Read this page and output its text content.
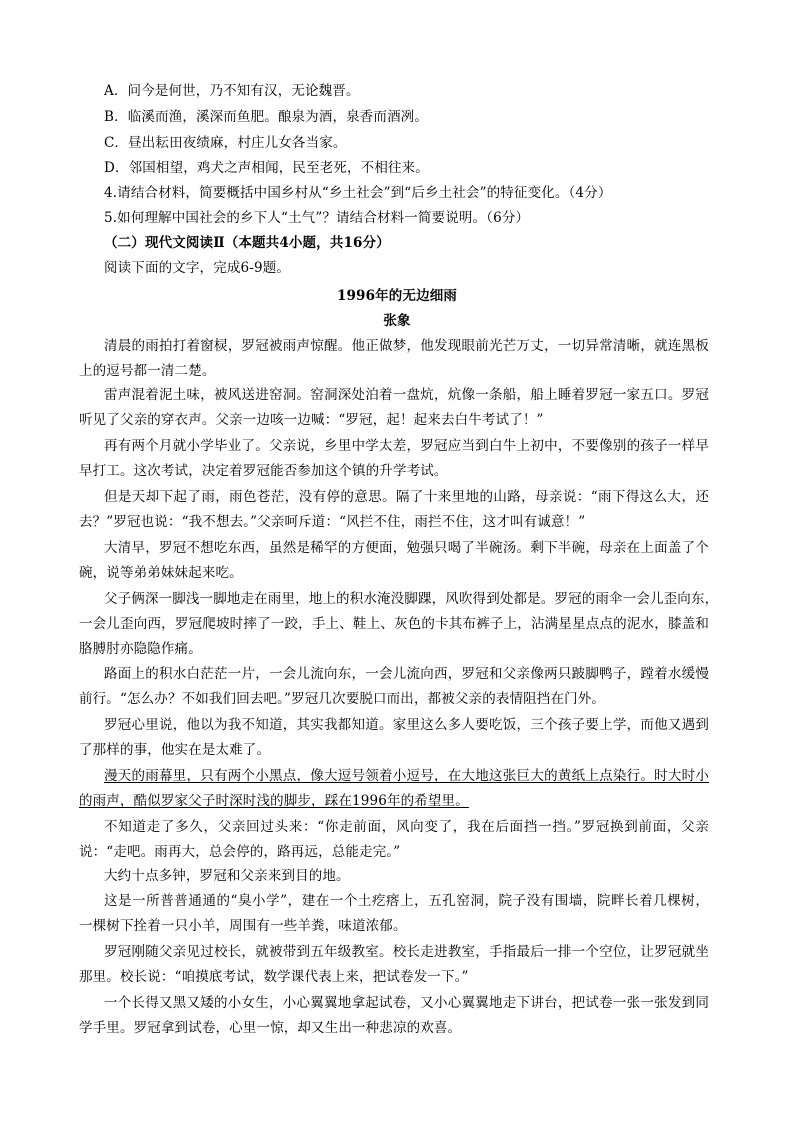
A．问今是何世，乃不知有汉，无论魏晋。
B．临溪而渔，溪深而鱼肥。酿泉为酒，泉香而酒冽。
C．昼出耘田夜绩麻，村庄儿女各当家。
D．邻国相望，鸡犬之声相闻，民至老死，不相往来。
4.请结合材料，简要概括中国乡村从“乡土社会”到“后乡土社会”的特征变化。（4分）
5.如何理解中国社会的乡下人“土气”？请结合材料一简要说明。（6分）
（二）现代文阅读Ⅱ（本题共4小题，共16分）
阅读下面的文字，完成6-9题。
1996年的无边细雨
张象
清晨的雨拍打着窗棂，罗冠被雨声惊醒。他正做梦，他发现眼前光芒万丈，一切异常清晰，就连黑板
上的逗号都一清二楚。
雷声混着泥土味，被风送进窑洞。窑洞深处泊着一盘炕，炕像一条船，船上睡着罗冠一家五口。罗冠
听见了父亲的穿衣声。父亲一边咳一边喊：“罗冠，起！起来去白牛考试了！”
再有两个月就小学毕业了。父亲说，乡里中学太差，罗冠应当到白牛上初中，不要像别的孩子一样早
早打工。这次考试，决定着罗冠能否参加这个镇的升学考试。
但是天却下起了雨，雨色苍茫，没有停的意思。隔了十来里地的山路，母亲说：“雨下得这么大，还
去？”罗冠也说：“我不想去。”父亲呵斥道：“风拦不住，雨拦不住，这才叫有诚意！”
大清早，罗冠不想吃东西，虽然是稀罕的方便面，勉强只喝了半碗汤。剩下半碗，母亲在上面盖了个
碗，说等弟弟妹妹起来吃。
父子俩深一脚浅一脚地走在雨里，地上的积水淹没脚踝，风吹得到处都是。罗冠的雨伞一会儿歪向东，
一会儿歪向西，罗冠爬坡时摔了一跤，手上、鞋上、灰色的卡其布裤子上，沾满星星点点的泥水，膝盖和
胳膊肘亦隐隐作痛。
路面上的积水白茫茫一片，一会儿流向东，一会儿流向西，罗冠和父亲像两只跛脚鸭子，蹚着水缓慢
前行。“怎么办？不如我们回去吧。”罗冠几次要脱口而出，都被父亲的表情阻挡在门外。
罗冠心里说，他以为我不知道，其实我都知道。家里这么多人要吃饭，三个孩子要上学，而他又遇到
了那样的事，他实在是太难了。
漫天的雨幕里，只有两个小黑点，像大逗号领着小逗号，在大地这张巨大的黄纸上点染行。时大时小
的雨声，酷似罗家父子时深时浅的脚步，踩在1996年的希望里。
不知道走了多久，父亲回过头来：“你走前面，风向变了，我在后面挡一挡。”罗冠换到前面，父亲
说：“走吧。雨再大，总会停的，路再远，总能走完。”
大约十点多钟，罗冠和父亲来到目的地。
这是一所普普通通的“臭小学”，建在一个土疙瘩上，五孔窑洞，院子没有围墙，院畔长着几棵树，
一棵树下拴着一只小羊，周围有一些羊粪，味道浓郁。
罗冠刚随父亲见过校长，就被带到五年级教室。校长走进教室，手指最后一排一个空位，让罗冠就坐
那里。校长说：“咱摸底考试，数学课代表上来，把试卷发一下。”
一个长得又黑又矮的小女生，小心翼翼地拿起试卷，又小心翼翼地走下讲台，把试卷一张一张发到同
学手里。罗冠拿到试卷，心里一惊，却又生出一种悲凉的欢喜。
